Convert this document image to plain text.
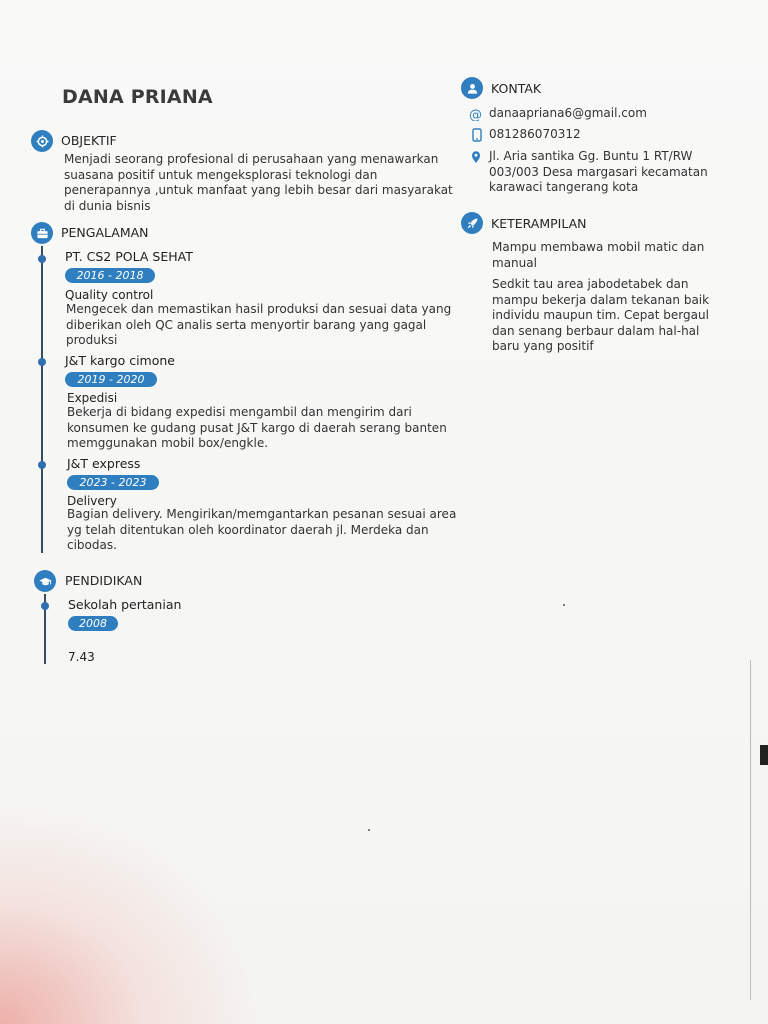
DANA PRIANA
OBJEKTIF
Menjadi seorang profesional di perusahaan yang menawarkan
suasana positif untuk mengeksplorasi teknologi dan
penerapannya ,untuk manfaat yang lebih besar dari masyarakat
di dunia bisnis
PENGALAMAN
PT. CS2 POLA SEHAT
2016 - 2018
Quality control
Mengecek dan memastikan hasil produksi dan sesuai data yang
diberikan oleh QC analis serta menyortir barang yang gagal
produksi
J&T kargo cimone
2019 - 2020
Expedisi
Bekerja di bidang expedisi mengambil dan mengirim dari
konsumen ke gudang pusat J&T kargo di daerah serang banten
memggunakan mobil box/engkle.
J&T express
2023 - 2023
Delivery
Bagian delivery. Mengirikan/memgantarkan pesanan sesuai area
yg telah ditentukan oleh koordinator daerah jl. Merdeka dan
cibodas.
PENDIDIKAN
Sekolah pertanian
2008
7.43
KONTAK
@ danaapriana6@gmail.com
081286070312
Jl. Aria santika Gg. Buntu 1 RT/RW
003/003 Desa margasari kecamatan
karawaci tangerang kota
KETERAMPILAN
Mampu membawa mobil matic dan
manual
Sedkit tau area jabodetabek dan
mampu bekerja dalam tekanan baik
individu maupun tim. Cepat bergaul
dan senang berbaur dalam hal-hal
baru yang positif
